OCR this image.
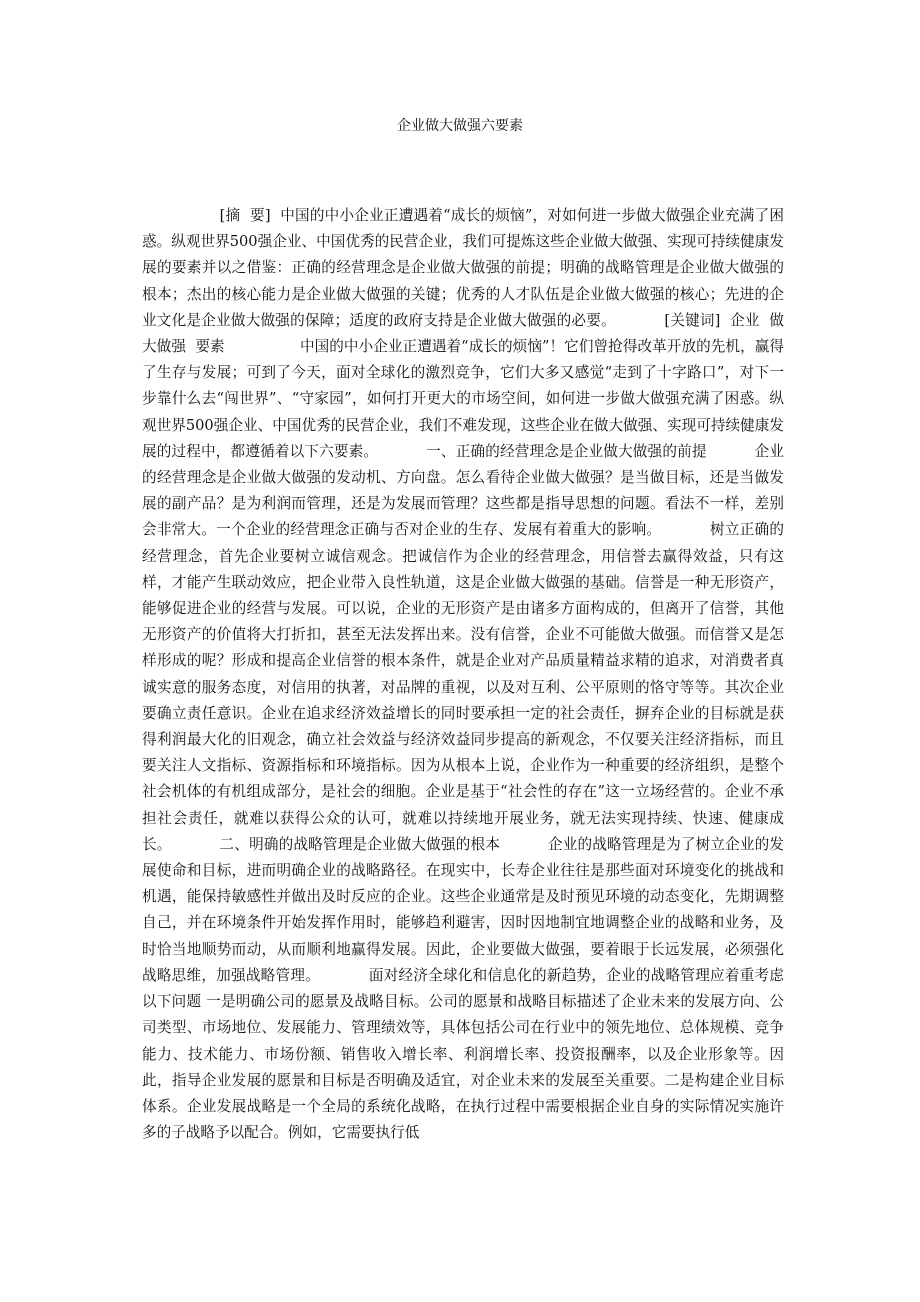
企业做大做强六要素
[摘  要]  中国的中小企业正遭遇着“成长的烦恼”，对如何进一步做大做强企业充满了困惑。纵观世界500强企业、中国优秀的民营企业，我们可提炼这些企业做大做强、实现可持续健康发展的要素并以之借鉴：正确的经营理念是企业做大做强的前提；明确的战略管理是企业做大做强的根本；杰出的核心能力是企业做大做强的关键；优秀的人才队伍是企业做大做强的核心；先进的企业文化是企业做大做强的保障；适度的政府支持是企业做大做强的必要。          [关键词]  企业  做大做强  要素                中国的中小企业正遭遇着“成长的烦恼”！它们曾抢得改革开放的先机，赢得了生存与发展；可到了今天，面对全球化的激烈竞争，它们大多又感觉“走到了十字路口”，对下一步靠什么去“闯世界”、“守家园”，如何打开更大的市场空间，如何进一步做大做强充满了困惑。纵观世界500强企业、中国优秀的民营企业，我们不难发现，这些企业在做大做强、实现可持续健康发展的过程中，都遵循着以下六要素。          一、正确的经营理念是企业做大做强的前提          企业的经营理念是企业做大做强的发动机、方向盘。怎么看待企业做大做强？是当做目标，还是当做发展的副产品？是为利润而管理，还是为发展而管理？这些都是指导思想的问题。看法不一样，差别会非常大。一个企业的经营理念正确与否对企业的生存、发展有着重大的影响。          树立正确的经营理念，首先企业要树立诚信观念。把诚信作为企业的经营理念，用信誉去赢得效益，只有这样，才能产生联动效应，把企业带入良性轨道，这是企业做大做强的基础。信誉是一种无形资产，能够促进企业的经营与发展。可以说，企业的无形资产是由诸多方面构成的，但离开了信誉，其他无形资产的价值将大打折扣，甚至无法发挥出来。没有信誉，企业不可能做大做强。而信誉又是怎样形成的呢？形成和提高企业信誉的根本条件，就是企业对产品质量精益求精的追求，对消费者真诚实意的服务态度，对信用的执著，对品牌的重视，以及对互利、公平原则的恪守等等。其次企业要确立责任意识。企业在追求经济效益增长的同时要承担一定的社会责任，摒弃企业的目标就是获得利润最大化的旧观念，确立社会效益与经济效益同步提高的新观念，不仅要关注经济指标，而且要关注人文指标、资源指标和环境指标。因为从根本上说，企业作为一种重要的经济组织，是整个社会机体的有机组成部分，是社会的细胞。企业是基于“社会性的存在”这一立场经营的。企业不承担社会责任，就难以获得公众的认可，就难以持续地开展业务，就无法实现持续、快速、健康成长。          二、明确的战略管理是企业做大做强的根本          企业的战略管理是为了树立企业的发展使命和目标，进而明确企业的战略路径。在现实中，长寿企业往往是那些面对环境变化的挑战和机遇，能保持敏感性并做出及时反应的企业。这些企业通常是及时预见环境的动态变化，先期调整自己，并在环境条件开始发挥作用时，能够趋利避害，因时因地制宜地调整企业的战略和业务，及时恰当地顺势而动，从而顺利地赢得发展。因此，企业要做大做强，要着眼于长远发展，必须强化战略思维，加强战略管理。          面对经济全球化和信息化的新趋势，企业的战略管理应着重考虑以下问题 一是明确公司的愿景及战略目标。公司的愿景和战略目标描述了企业未来的发展方向、公司类型、市场地位、发展能力、管理绩效等，具体包括公司在行业中的领先地位、总体规模、竞争能力、技术能力、市场份额、销售收入增长率、利润增长率、投资报酬率，以及企业形象等。因此，指导企业发展的愿景和目标是否明确及适宜，对企业未来的发展至关重要。二是构建企业目标体系。企业发展战略是一个全局的系统化战略，在执行过程中需要根据企业自身的实际情况实施许多的子战略予以配合。例如，它需要执行低
